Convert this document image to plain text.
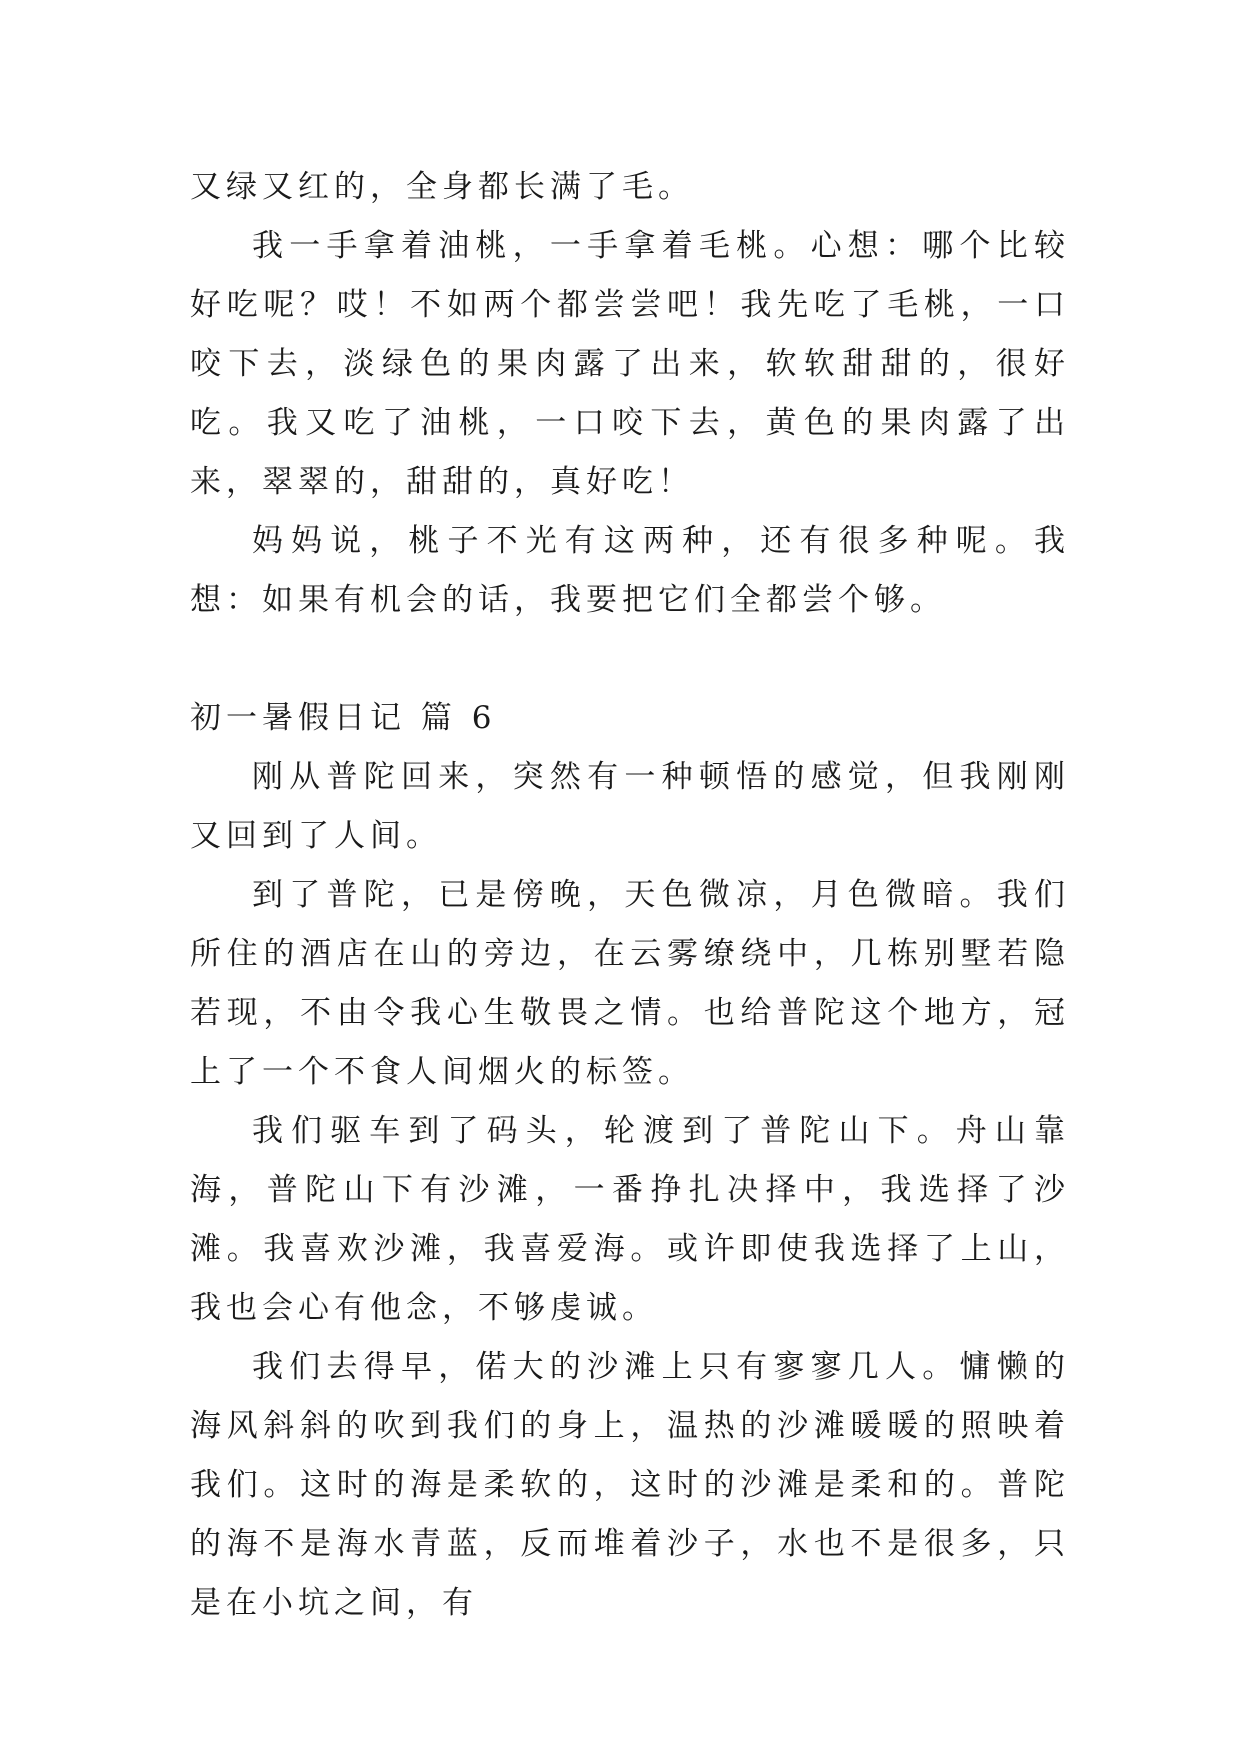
又绿又红的，全身都长满了毛。

我一手拿着油桃，一手拿着毛桃。心想：哪个比较好吃呢？哎！不如两个都尝尝吧！我先吃了毛桃，一口咬下去，淡绿色的果肉露了出来，软软甜甜的，很好吃。我又吃了油桃，一口咬下去，黄色的果肉露了出来，翠翠的，甜甜的，真好吃！

妈妈说，桃子不光有这两种，还有很多种呢。我想：如果有机会的话，我要把它们全都尝个够。

初一暑假日记 篇 6

刚从普陀回来，突然有一种顿悟的感觉，但我刚刚又回到了人间。

到了普陀，已是傍晚，天色微凉，月色微暗。我们所住的酒店在山的旁边，在云雾缭绕中，几栋别墅若隐若现，不由令我心生敬畏之情。也给普陀这个地方，冠上了一个不食人间烟火的标签。

我们驱车到了码头，轮渡到了普陀山下。舟山靠海，普陀山下有沙滩，一番挣扎决择中，我选择了沙滩。我喜欢沙滩，我喜爱海。或许即使我选择了上山，我也会心有他念，不够虔诚。

我们去得早，偌大的沙滩上只有寥寥几人。慵懒的海风斜斜的吹到我们的身上，温热的沙滩暖暖的照映着我们。这时的海是柔软的，这时的沙滩是柔和的。普陀的海不是海水青蓝，反而堆着沙子，水也不是很多，只是在小坑之间，有
